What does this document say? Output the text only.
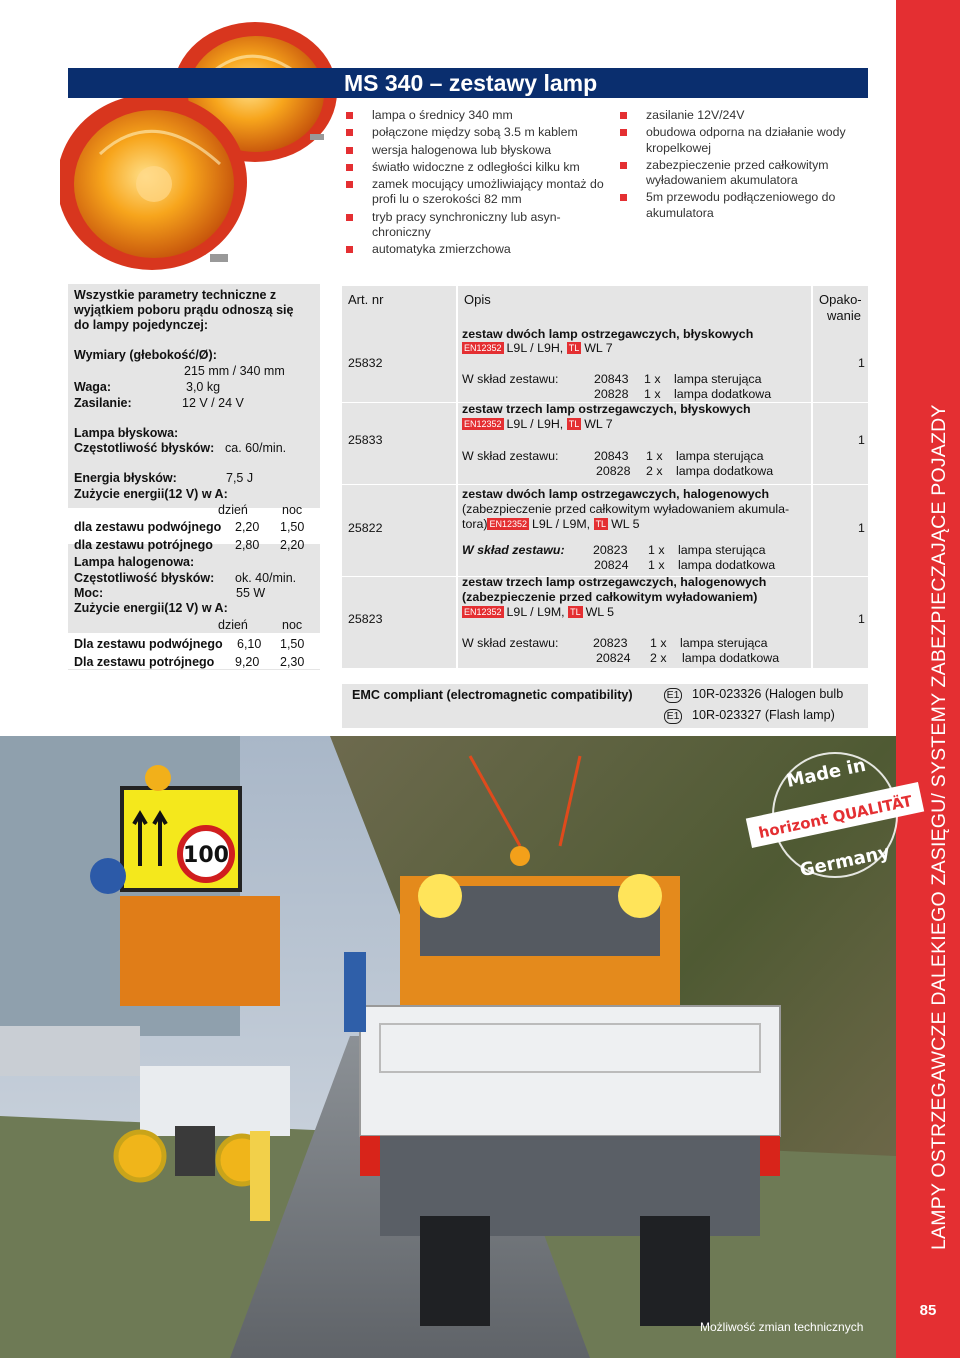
LAMPY OSTRZEGAWCZE DALEKIEGO ZASIĘGU/ SYSTEMY ZABEZPIECZAJĄCE POJAZDY
MS 340 – zestawy lamp
lampa o średnicy 340 mm
połączone między sobą 3.5 m kablem
wersja halogenowa lub błyskowa
światło widoczne z odległości kilku km
zamek mocujący umożliwiający montaż do profi lu o szerokości 82 mm
tryb pracy synchroniczny lub asyn-chroniczny
automatyka zmierzchowa
zasilanie 12V/24V
obudowa odporna na działanie wody kropelkowej
zabezpieczenie przed całkowitym wyładowaniem akumulatora
5m przewodu podłączeniowego do akumulatora
Wszystkie parametry techniczne z
wyjątkiem poboru prądu odnoszą się
do lampy pojedynczej:
Wymiary (głebokość/Ø):
215 mm / 340 mm
Waga:	3,0 kg
Zasilanie:	12 V / 24 V
Lampa błyskowa:
Częstotliwość błysków: ca. 60/min.
Energia błysków:	7,5 J
Zużycie energii(12 V) w A:
dzień	noc
dla zestawu podwójnego 2,20 1,50
dla zestawu potrójnego 2,80 2,20
Lampa halogenowa:
Częstotliwość błysków: ok. 40/min.
Moc:	55 W
Zużycie energii(12 V) w A:
dzień	noc
Dla zestawu podwójnego 6,10 1,50
Dla zestawu potrójnego 9,20 2,30
Art. nr	Opis	Opako-
wanie
25832
zestaw dwóch lamp ostrzegawczych, błyskowych
EN12352 L9L / L9H, TL WL 7
W skład zestawu:	20843 1 x lampa sterująca
20828 1 x lampa dodatkowa
1
25833
zestaw trzech lamp ostrzegawczych, błyskowych
EN12352 L9L / L9H, TL WL 7
W skład zestawu:	20843 1 x lampa sterująca
20828 2 x lampa dodatkowa
1
25822
zestaw dwóch lamp ostrzegawczych, halogenowych
(zabezpieczenie przed całkowitym wyładowaniem akumula-
tora) EN12352 L9L / L9M, TL WL 5
W skład zestawu: 20823 1 x lampa sterująca
20824 1 x lampa dodatkowa
1
25823
zestaw trzech lamp ostrzegawczych, halogenowych
(zabezpieczenie przed całkowitym wyładowaniem)
EN12352 L9L / L9M, TL WL 5
W skład zestawu:	20823 1 x lampa sterująca
20824 2 x lampa dodatkowa
1
EMC compliant (electromagnetic compatibility)	E1 10R-023326 (Halogen bulb
E1 10R-023327 (Flash lamp)
100
Made in
horizont QUALITÄT
Germany
85
Możliwość zmian technicznych
